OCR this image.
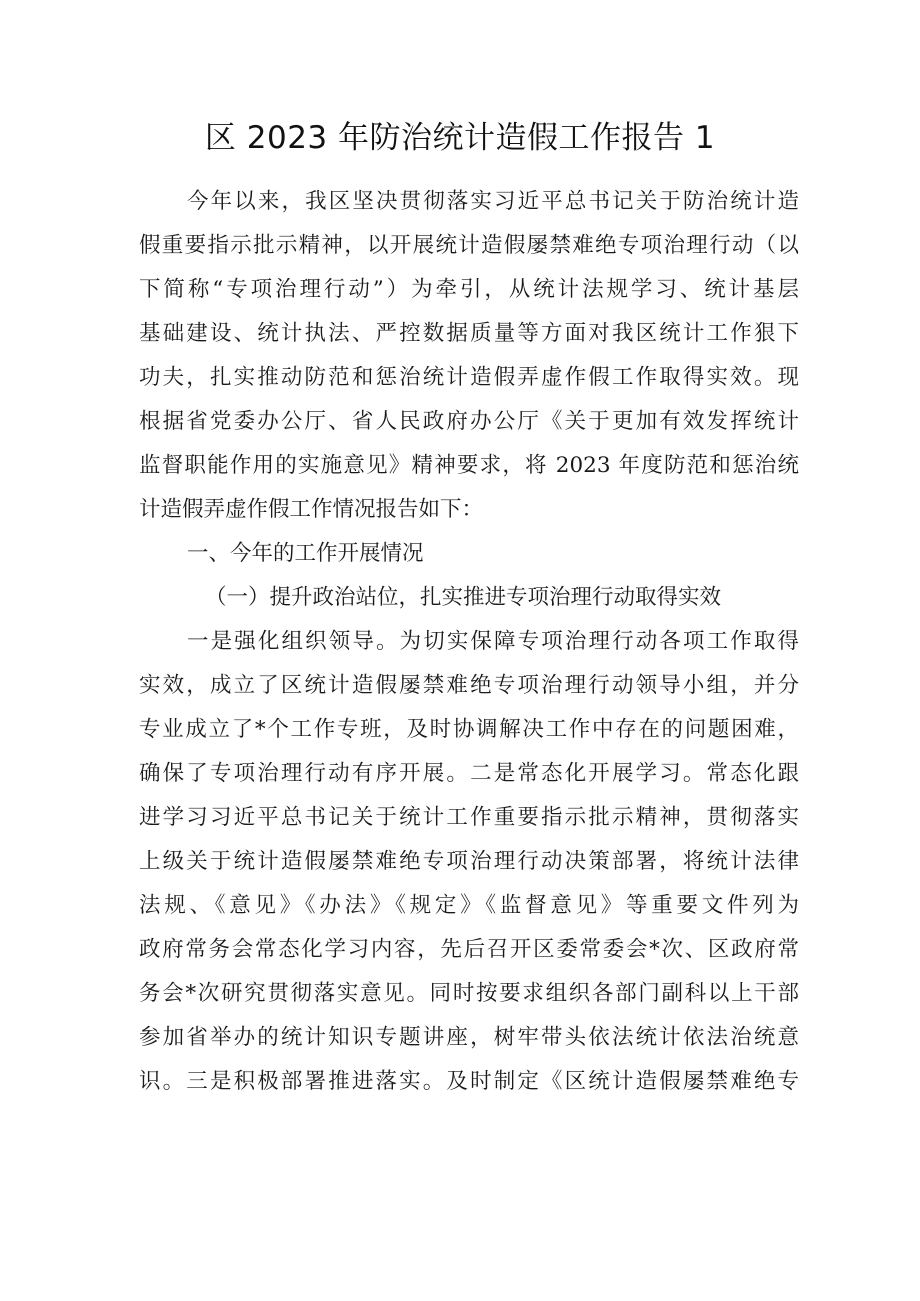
区 2023 年防治统计造假工作报告 1
今年以来，我区坚决贯彻落实习近平总书记关于防治统计造
假重要指示批示精神，以开展统计造假屡禁难绝专项治理行动（以
下简称“专项治理行动”）为牵引，从统计法规学习、统计基层
基础建设、统计执法、严控数据质量等方面对我区统计工作狠下
功夫，扎实推动防范和惩治统计造假弄虚作假工作取得实效。现
根据省党委办公厅、省人民政府办公厅《关于更加有效发挥统计
监督职能作用的实施意见》精神要求，将 2023 年度防范和惩治统
计造假弄虚作假工作情况报告如下：
一、今年的工作开展情况
（一）提升政治站位，扎实推进专项治理行动取得实效
一是强化组织领导。为切实保障专项治理行动各项工作取得
实效，成立了区统计造假屡禁难绝专项治理行动领导小组，并分
专业成立了*个工作专班，及时协调解决工作中存在的问题困难，
确保了专项治理行动有序开展。二是常态化开展学习。常态化跟
进学习习近平总书记关于统计工作重要指示批示精神，贯彻落实
上级关于统计造假屡禁难绝专项治理行动决策部署，将统计法律
法规、《意见》《办法》《规定》《监督意见》等重要文件列为
政府常务会常态化学习内容，先后召开区委常委会*次、区政府常
务会*次研究贯彻落实意见。同时按要求组织各部门副科以上干部
参加省举办的统计知识专题讲座，树牢带头依法统计依法治统意
识。三是积极部署推进落实。及时制定《区统计造假屡禁难绝专
